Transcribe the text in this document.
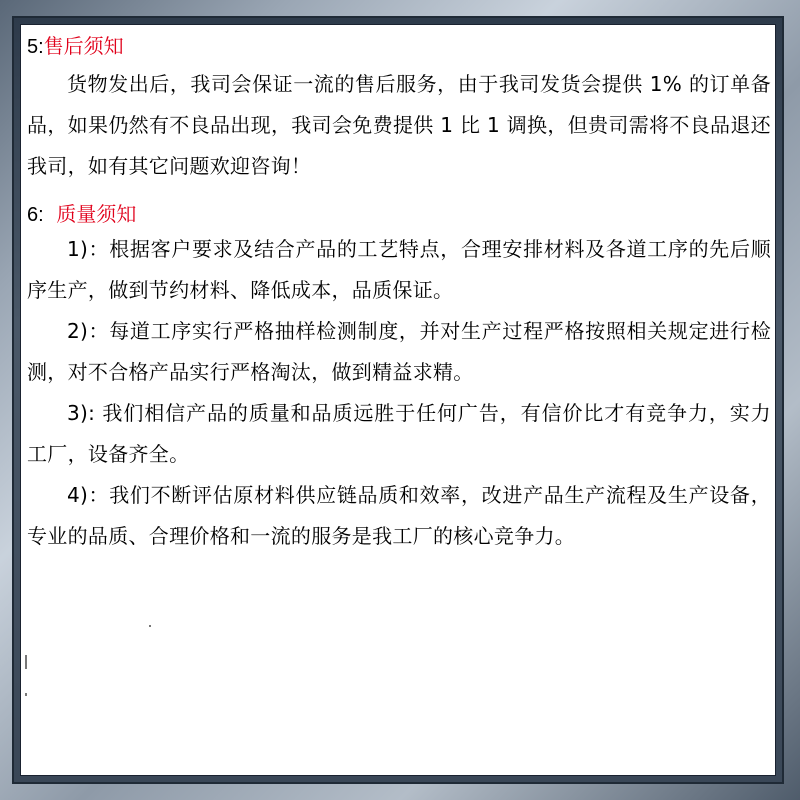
5:售后须知

货物发出后，我司会保证一流的售后服务，由于我司发货会提供 1% 的订单备品，如果仍然有不良品出现，我司会免费提供 1 比 1 调换，但贵司需将不良品退还我司，如有其它问题欢迎咨询！

6: 质量须知

1)：根据客户要求及结合产品的工艺特点，合理安排材料及各道工序的先后顺序生产，做到节约材料、降低成本，品质保证。

2)：每道工序实行严格抽样检测制度，并对生产过程严格按照相关规定进行检测，对不合格产品实行严格淘汰，做到精益求精。

3): 我们相信产品的质量和品质远胜于任何广告，有信价比才有竞争力，实力工厂，设备齐全。

4)：我们不断评估原材料供应链品质和效率，改进产品生产流程及生产设备，专业的品质、合理价格和一流的服务是我工厂的核心竞争力。
